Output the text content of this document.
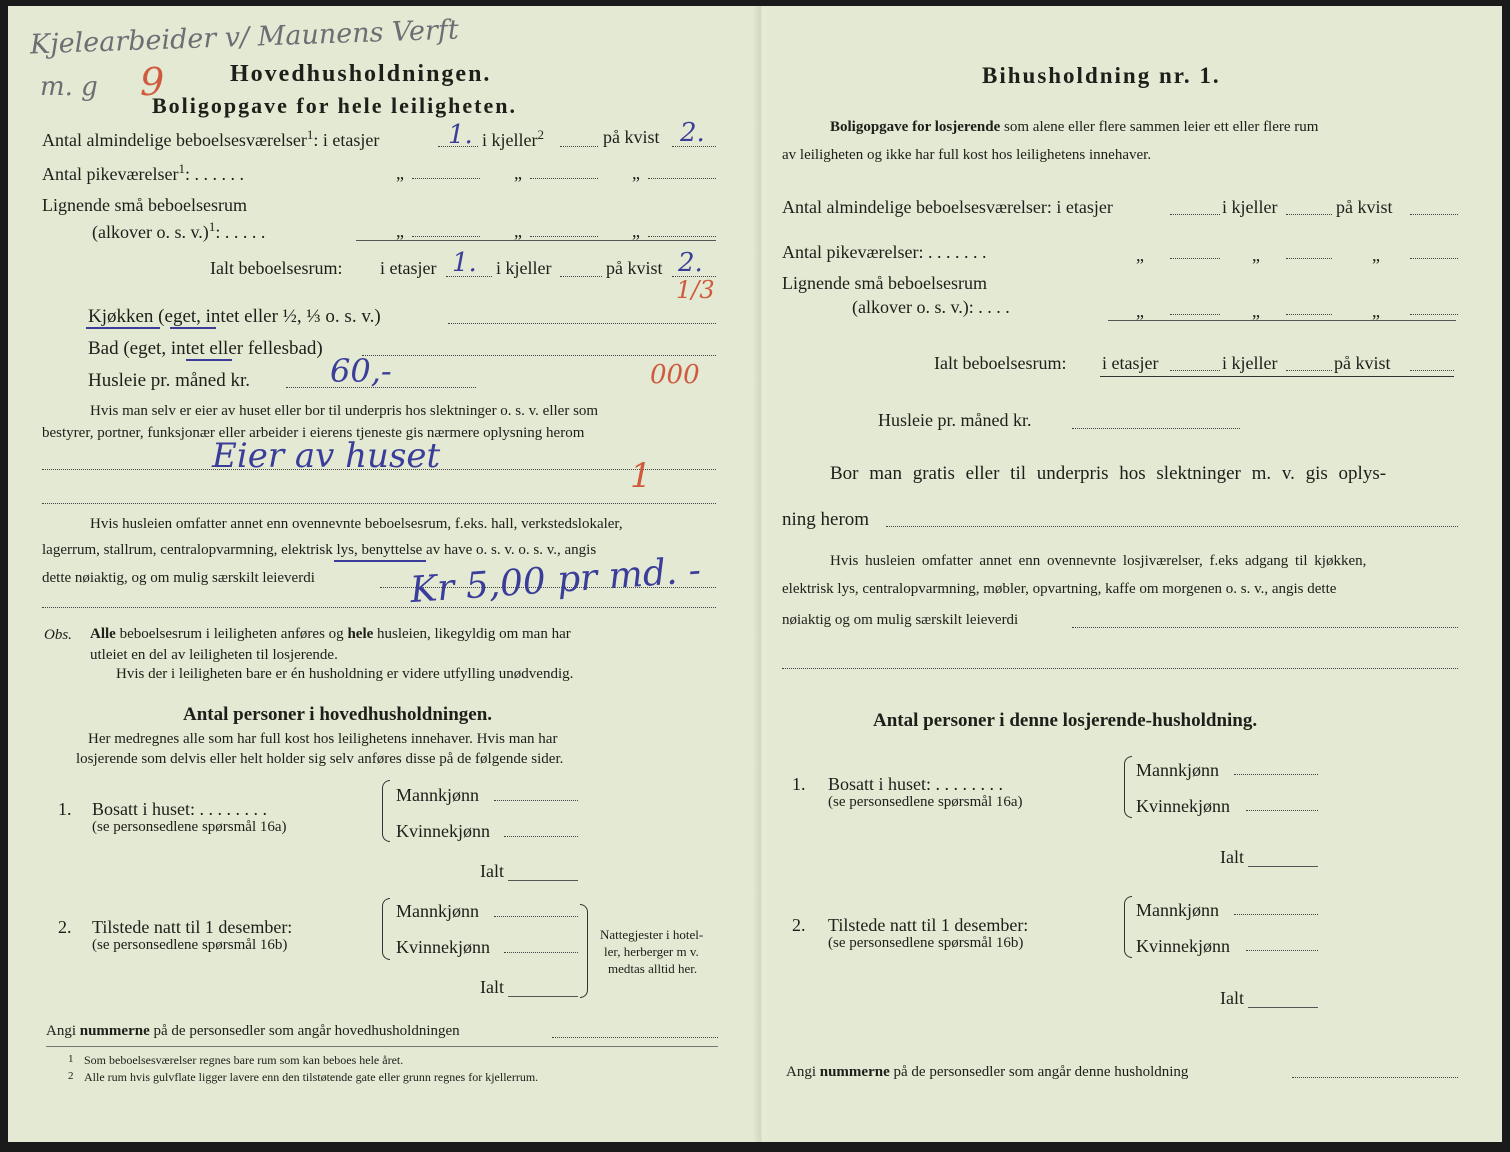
Kjelearbeider v/ Maunens Verft
m. g 9	Hovedhusholdningen.
Boligopgave for hele leiligheten.
Antal almindelige beboelsesværelser$^1$: i etasjer	1. i kjeller$^2$	på kvist 2.
Antal pikeværelser$^1$: . . . . . .	„	„	„
Lignende små beboelsesrum
(alkover o. s. v.)$^1$: . . . . .	„	„	„
Ialt beboelsesrum: i etasjer 1. i kjeller	på kvist 2.
1/3
Kjøkken (eget, intet eller ½, ⅓ o. s. v.)
Bad (eget, intet eller fellesbad)
Husleie pr. måned kr.	60,-	000
Hvis man selv er eier av huset eller bor til underpris hos slektninger o. s. v. eller som
bestyrer, portner, funksjonær eller arbeider i eierens tjeneste gis nærmere oplysning herom
Eier av huset	1
Hvis husleien omfatter annet enn ovennevnte beboelsesrum, f.eks. hall, verkstedslokaler,
lagerrum, stallrum, centralopvarmning, elektrisk lys, benyttelse av have o. s. v. o. s. v., angis
dette nøiaktig, og om mulig særskilt leieverdi	Kr 5,00 pr md. -
Obs. Alle beboelsesrum i leiligheten anføres og hele husleien, likegyldig om man har
utleiet en del av leiligheten til losjerende.
Hvis der i leiligheten bare er én husholdning er videre utfylling unødvendig.
Antal personer i hovedhusholdningen.
Her medregnes alle som har full kost hos leilighetens innehaver. Hvis man har
losjerende som delvis eller helt holder sig selv anføres disse på de følgende sider.
1. Bosatt i huset: . . . . . . . .
(se personsedlene spørsmål 16a)
Mannkjønn
Kvinnekjønn
Ialt
2. Tilstede natt til 1 desember:
(se personsedlene spørsmål 16b)
Mannkjønn
Kvinnekjønn
Ialt
Nattegjester i hotel-
ler, herberger m v.
medtas alltid her.
Angi nummerne på de personsedler som angår hovedhusholdningen
1 Som beboelsesværelser regnes bare rum som kan beboes hele året.
2 Alle rum hvis gulvflate ligger lavere enn den tilstøtende gate eller grunn regnes for kjellerrum.
Bihusholdning nr. 1.
Boligopgave for losjerende som alene eller flere sammen leier ett eller flere rum
av leiligheten og ikke har full kost hos leilighetens innehaver.
Antal almindelige beboelsesværelser: i etasjer	i kjeller	på kvist
Antal pikeværelser: . . . . . . .	„	„	„
Lignende små beboelsesrum
(alkover o. s. v.): . . . .	„	„	„
Ialt beboelsesrum: i etasjer	i kjeller	på kvist
Husleie pr. måned kr.
Bor man gratis eller til underpris hos slektninger m. v. gis oplys-
ning herom
Hvis husleien omfatter annet enn ovennevnte losjiværelser, f.eks adgang til kjøkken,
elektrisk lys, centralopvarmning, møbler, opvartning, kaffe om morgenen o. s. v., angis dette
nøiaktig og om mulig særskilt leieverdi
Antal personer i denne losjerende-husholdning.
1. Bosatt i huset: . . . . . . . .
(se personsedlene spørsmål 16a)
Mannkjønn
Kvinnekjønn
Ialt
2. Tilstede natt til 1 desember:
(se personsedlene spørsmål 16b)
Mannkjønn
Kvinnekjønn
Ialt
Angi nummerne på de personsedler som angår denne husholdning
